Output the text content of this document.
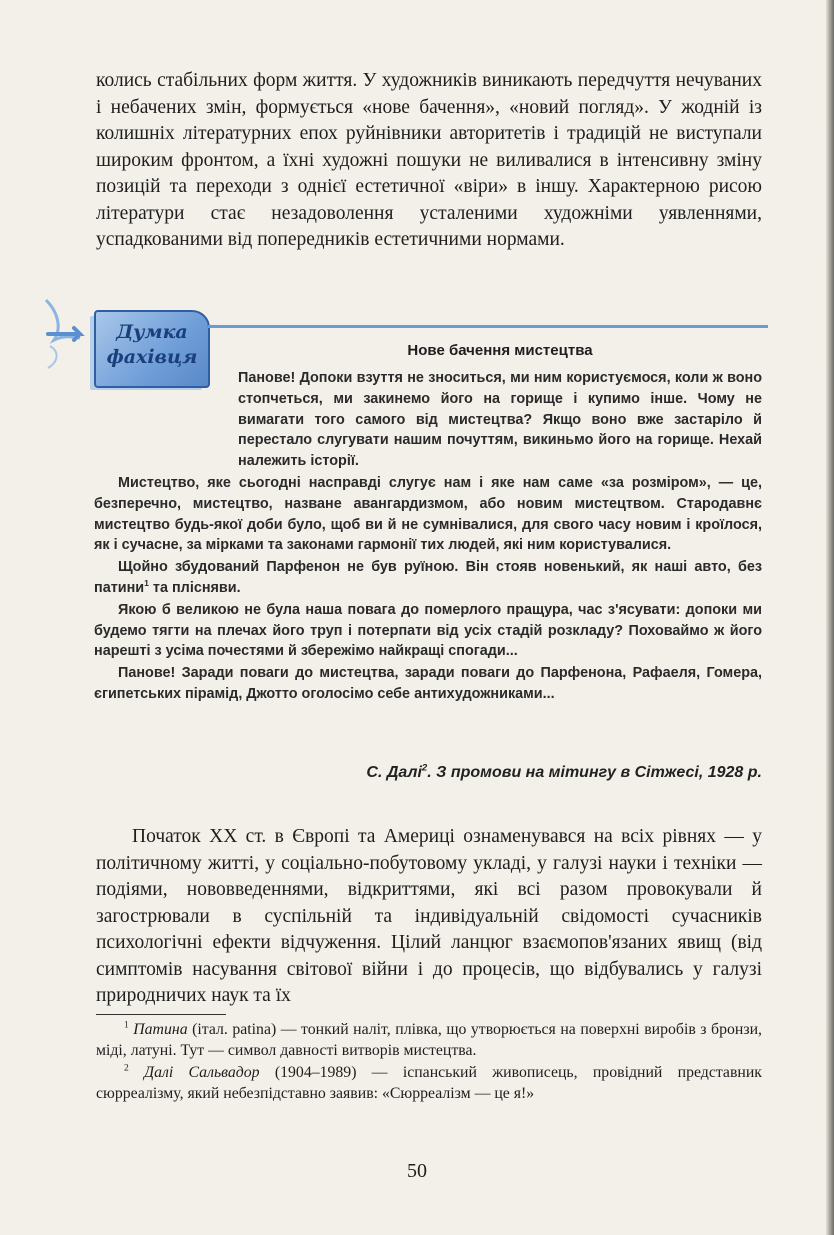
колись стабільних форм життя. У художників виникають передчуття нечуваних і небачених змін, формується «нове бачення», «новий погляд». У жодній із колишніх літературних епох руйнівники авторитетів і традицій не виступали широким фронтом, а їхні художні пошуки не виливалися в інтенсивну зміну позицій та переходи з однієї естетичної «віри» в іншу. Характерною рисою літератури стає незадоволення усталеними художніми уявленнями, успадкованими від попередників естетичними нормами.

Думка
фахівця	Нове бачення мистецтва

Панове! Допоки взуття не зноситься, ми ним користуємося, коли ж воно стопчеться, ми закинемо його на горище і купимо інше. Чому не вимагати того самого від мистецтва? Якщо воно вже застаріло й перестало слугувати нашим почуттям, викиньмо його на горище. Нехай належить історії.

Мистецтво, яке сьогодні насправді слугує нам і яке нам саме «за розміром», — це, безперечно, мистецтво, назване авангардизмом, або новим мистецтвом. Стародавнє мистецтво будь-якої доби було, щоб ви й не сумнівалися, для свого часу новим і кроїлося, як і сучасне, за мірками та законами гармонії тих людей, які ним користувалися.

Щойно збудований Парфенон не був руїною. Він стояв новенький, як наші авто, без патини$^1$ та плісняви.

Якою б великою не була наша повага до померлого пращура, час з'ясувати: допоки ми будемо тягти на плечах його труп і потерпати від усіх стадій розкладу? Поховаймо ж його нарешті з усіма почестями й збережімо найкращі спогади...

Панове! Заради поваги до мистецтва, заради поваги до Парфенона, Рафаеля, Гомера, єгипетських пірамід, Джотто оголосімо себе антихудожниками...

С. Далі$^2$. З промови на мітингу в Сітжесі, 1928 р.

Початок XX ст. в Європі та Америці ознаменувався на всіх рівнях — у політичному житті, у соціально-побутовому укладі, у галузі науки і техніки — подіями, нововведеннями, відкриттями, які всі разом провокували й загострювали в суспільній та індивідуальній свідомості сучасників психологічні ефекти відчуження. Цілий ланцюг взаємопов'язаних явищ (від симптомів насування світової війни і до процесів, що відбувались у галузі природничих наук та їх

$^1$ Патина (італ. patina) — тонкий наліт, плівка, що утворюється на поверхні виробів з бронзи, міді, латуні. Тут — символ давності витворів мистецтва.

$^2$ Далі Сальвадор (1904–1989) — іспанський живописець, провідний представник сюрреалізму, який небезпідставно заявив: «Сюрреалізм — це я!»

50
